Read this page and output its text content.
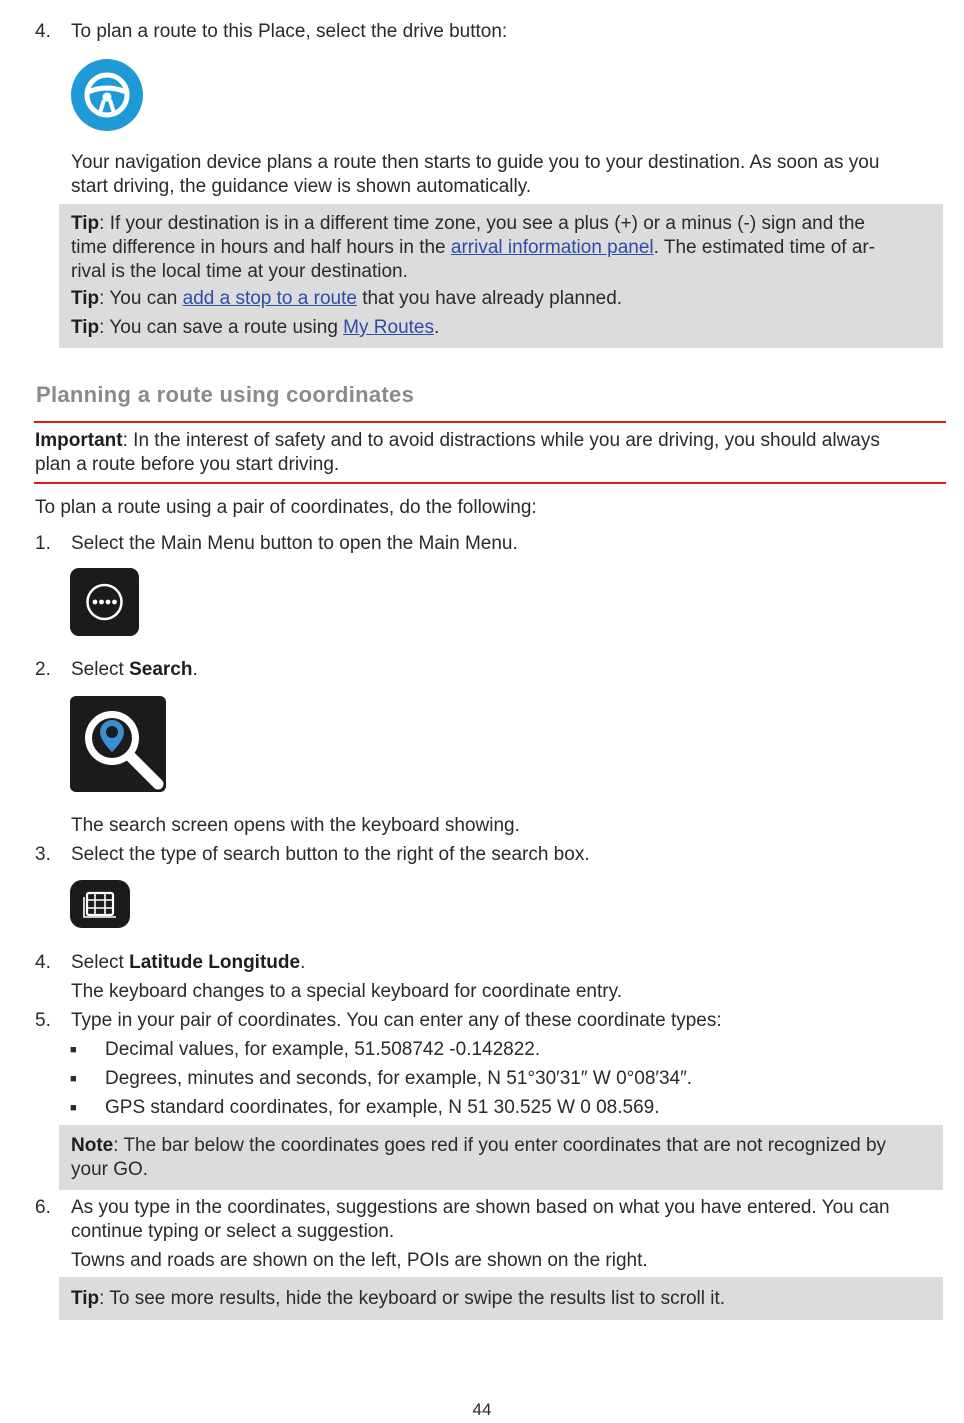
4. To plan a route to this Place, select the drive button:
Your navigation device plans a route then starts to guide you to your destination. As soon as you
start driving, the guidance view is shown automatically.
Tip: If your destination is in a different time zone, you see a plus (+) or a minus (-) sign and the
time difference in hours and half hours in the arrival information panel. The estimated time of ar-
rival is the local time at your destination.
Tip: You can add a stop to a route that you have already planned.
Tip: You can save a route using My Routes.
Planning a route using coordinates
Important: In the interest of safety and to avoid distractions while you are driving, you should always
plan a route before you start driving.
To plan a route using a pair of coordinates, do the following:
1. Select the Main Menu button to open the Main Menu.
2. Select Search.
The search screen opens with the keyboard showing.
3. Select the type of search button to the right of the search box.
4. Select Latitude Longitude.
The keyboard changes to a special keyboard for coordinate entry.
5. Type in your pair of coordinates. You can enter any of these coordinate types:
■ Decimal values, for example, 51.508742 -0.142822.
■ Degrees, minutes and seconds, for example, N 51°30′31″ W 0°08′34″.
■ GPS standard coordinates, for example, N 51 30.525 W 0 08.569.
Note: The bar below the coordinates goes red if you enter coordinates that are not recognized by
your GO.
6. As you type in the coordinates, suggestions are shown based on what you have entered. You can
continue typing or select a suggestion.
Towns and roads are shown on the left, POIs are shown on the right.
Tip: To see more results, hide the keyboard or swipe the results list to scroll it.
44
